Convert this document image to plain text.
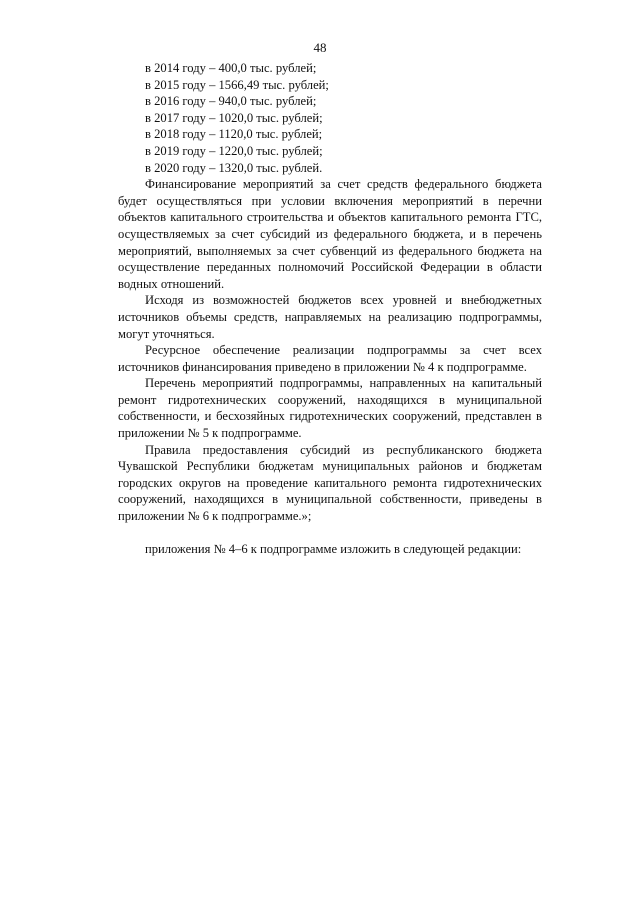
48
в 2014 году – 400,0 тыс. рублей;
в 2015 году – 1566,49 тыс. рублей;
в 2016 году – 940,0 тыс. рублей;
в 2017 году – 1020,0 тыс. рублей;
в 2018 году – 1120,0 тыс. рублей;
в 2019 году – 1220,0 тыс. рублей;
в 2020 году – 1320,0 тыс. рублей.

Финансирование мероприятий за счет средств федерального бюджета будет осуществляться при условии включения мероприятий в перечни объектов капитального строительства и объектов капитального ремонта ГТС, осуществляемых за счет субсидий из федерального бюджета, и в перечень мероприятий, выполняемых за счет субвенций из федерального бюджета на осуществление переданных полномочий Российской Федерации в области водных отношений.

Исходя из возможностей бюджетов всех уровней и внебюджетных источников объемы средств, направляемых на реализацию подпрограммы, могут уточняться.

Ресурсное обеспечение реализации подпрограммы за счет всех источников финансирования приведено в приложении № 4 к подпрограмме.

Перечень мероприятий подпрограммы, направленных на капитальный ремонт гидротехнических сооружений, находящихся в муниципальной собственности, и бесхозяйных гидротехнических сооружений, представлен в приложении № 5 к подпрограмме.

Правила предоставления субсидий из республиканского бюджета Чувашской Республики бюджетам муниципальных районов и бюджетам городских округов на проведение капитального ремонта гидротехнических сооружений, находящихся в муниципальной собственности, приведены в приложении № 6 к подпрограмме.»;

приложения № 4–6 к подпрограмме изложить в следующей редакции:
